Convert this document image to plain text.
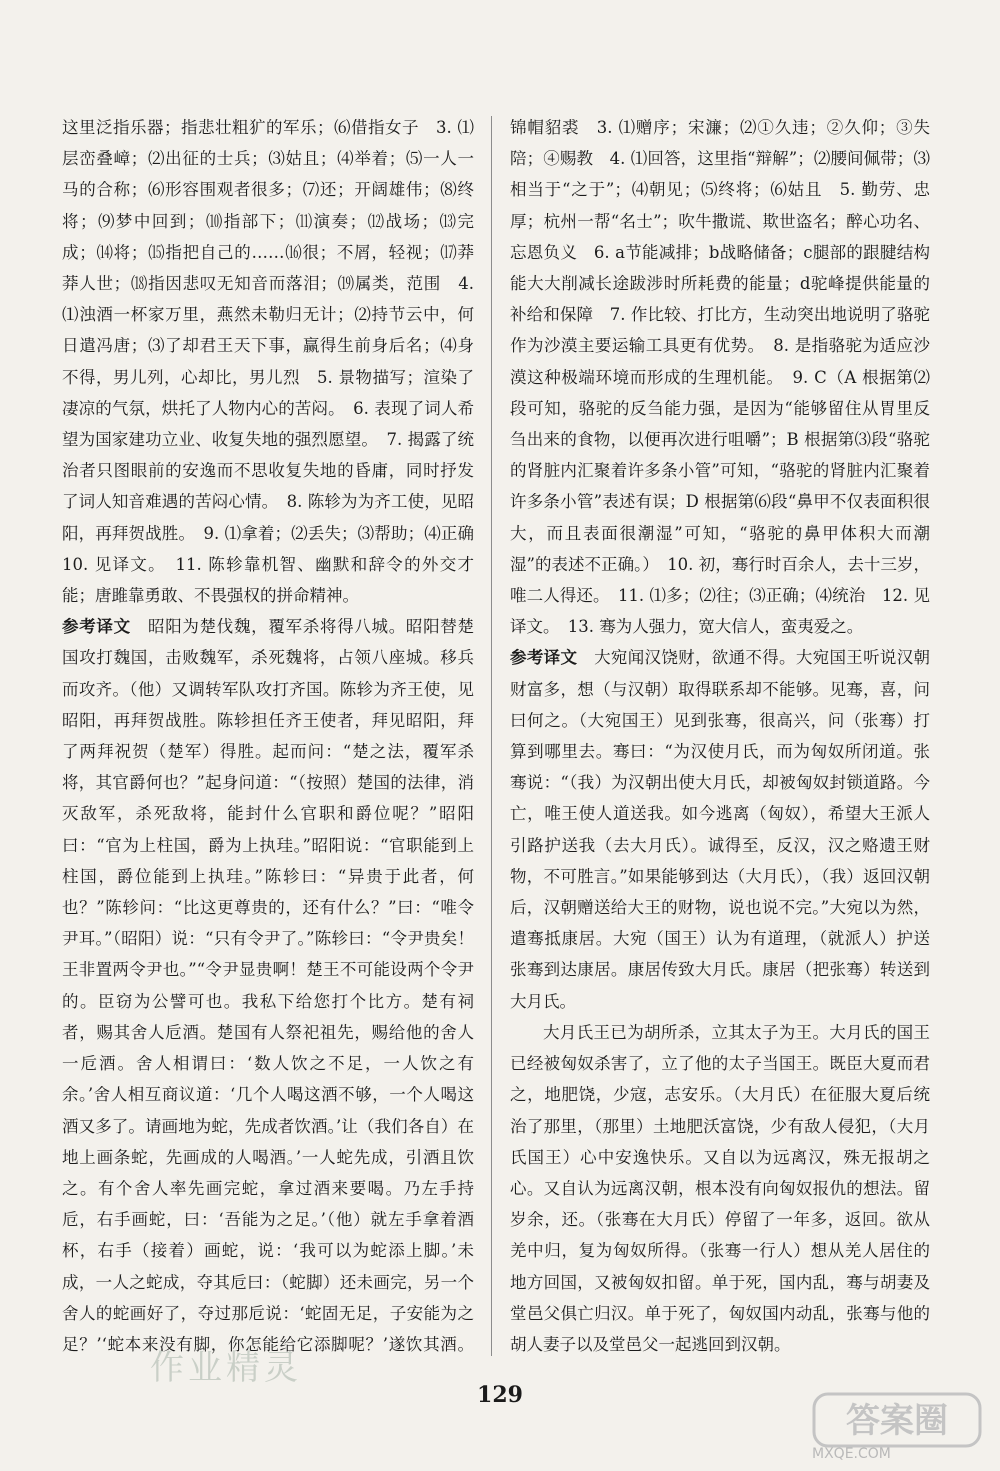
这里泛指乐器；指悲壮粗犷的军乐；⑹借指女子　3. ⑴层峦叠嶂；⑵出征的士兵；⑶姑且；⑷举着；⑸一人一马的合称；⑹形容围观者很多；⑺还；开阔雄伟；⑻终将；⑼梦中回到；⑽指部下；⑾演奏；⑿战场；⒀完成；⒁将；⒂指把自己的……⒃很；不屑，轻视；⒄莽莽人世；⒅指因悲叹无知音而落泪；⒆属类，范围　4. ⑴浊酒一杯家万里，燕然未勒归无计；⑵持节云中，何日遣冯唐；⑶了却君王天下事，赢得生前身后名；⑷身不得，男儿列，心却比，男儿烈　5. 景物描写；渲染了凄凉的气氛，烘托了人物内心的苦闷。　6. 表现了词人希望为国家建功立业、收复失地的强烈愿望。　7. 揭露了统治者只图眼前的安逸而不思收复失地的昏庸，同时抒发了词人知音难遇的苦闷心情。　8. 陈轸为为齐工使，见昭阳，再拜贺战胜。　9. ⑴拿着；⑵丢失；⑶帮助；⑷正确　10. 见译文。　11. 陈轸靠机智、幽默和辞令的外交才能；唐雎靠勇敢、不畏强权的拼命精神。

参考译文　 昭阳为楚伐魏，覆军杀将得八城。昭阳替楚国攻打魏国，击败魏军，杀死魏将，占领八座城。移兵而攻齐。（他）又调转军队攻打齐国。陈轸为齐王使，见昭阳，再拜贺战胜。陈轸担任齐王使者，拜见昭阳，拜了两拜祝贺（楚军）得胜。起而问：“楚之法，覆军杀将，其官爵何也？”起身问道：“（按照）楚国的法律，消灭敌军，杀死敌将，能封什么官职和爵位呢？”昭阳曰：“官为上柱国，爵为上执珪。”昭阳说：“官职能到上柱国，爵位能到上执珪。”陈轸曰：“异贵于此者，何也？”陈轸问：“比这更尊贵的，还有什么？”曰：“唯令尹耳。”（昭阳）说：“只有令尹了。”陈轸曰：“令尹贵矣！王非置两令尹也。”“令尹显贵啊！楚王不可能设两个令尹的。臣窃为公譬可也。我私下给您打个比方。楚有祠者，赐其舍人卮酒。楚国有人祭祀祖先，赐给他的舍人一卮酒。舍人相谓曰：‘数人饮之不足，一人饮之有余。’舍人相互商议道：‘几个人喝这酒不够，一个人喝这酒又多了。请画地为蛇，先成者饮酒。’让（我们各自）在地上画条蛇，先画成的人喝酒。’一人蛇先成，引酒且饮之。有个舍人率先画完蛇，拿过酒来要喝。乃左手持卮，右手画蛇，曰：‘吾能为之足。’（他）就左手拿着酒杯，右手（接着）画蛇，说：‘我可以为蛇添上脚。’未成，一人之蛇成，夺其卮曰：（蛇脚）还未画完，另一个舍人的蛇画好了，夺过那卮说：‘蛇固无足，子安能为之足？’‘蛇本来没有脚，你怎能给它添脚呢？’遂饮其酒。

锦帽貂裘　3. ⑴赠序；宋濂；⑵①久违；②久仰；③失陪；④赐教　4. ⑴回答，这里指“辩解”；⑵腰间佩带；⑶相当于“之于”；⑷朝见；⑸终将；⑹姑且　5. 勤劳、忠厚；杭州一帮“名士”；吹牛撒谎、欺世盗名；醉心功名、忘恩负义　6. a节能减排；b战略储备；c腿部的跟腱结构能大大削减长途跋涉时所耗费的能量；d驼峰提供能量的补给和保障　7. 作比较、打比方，生动突出地说明了骆驼作为沙漠主要运输工具更有优势。　8. 是指骆驼为适应沙漠这种极端环境而形成的生理机能。　9. C（A 根据第⑵段可知，骆驼的反刍能力强，是因为“能够留住从胃里反刍出来的食物，以便再次进行咀嚼”；B 根据第⑶段“骆驼的肾脏内汇聚着许多条小管”可知，“骆驼的肾脏内汇聚着许多条小管”表述有误；D 根据第⑹段“鼻甲不仅表面积很大，而且表面很潮湿”可知，“骆驼的鼻甲体积大而潮湿”的表述不正确。）　10. 初，骞行时百余人，去十三岁，唯二人得还。　11. ⑴多；⑵往；⑶正确；⑷统治　12. 见译文。　13. 骞为人强力，宽大信人，蛮夷爱之。

参考译文　 大宛闻汉饶财，欲通不得。大宛国王听说汉朝财富多，想（与汉朝）取得联系却不能够。见骞，喜，问曰何之。（大宛国王）见到张骞，很高兴，问（张骞）打算到哪里去。骞曰：“为汉使月氏，而为匈奴所闭道。张骞说：“（我）为汉朝出使大月氏，却被匈奴封锁道路。今亡，唯王使人道送我。如今逃离（匈奴），希望大王派人引路护送我（去大月氏）。诚得至，反汉，汉之赂遗王财物，不可胜言。”如果能够到达（大月氏），（我）返回汉朝后，汉朝赠送给大王的财物，说也说不完。”大宛以为然，遣骞抵康居。大宛（国王）认为有道理，（就派人）护送张骞到达康居。康居传致大月氏。康居（把张骞）转送到大月氏。

大月氏王已为胡所杀，立其太子为王。大月氏的国王已经被匈奴杀害了，立了他的太子当国王。既臣大夏而君之，地肥饶，少寇，志安乐。（大月氏）在征服大夏后统治了那里，（那里）土地肥沃富饶，少有敌人侵犯，（大月氏国王）心中安逸快乐。又自以为远离汉，殊无报胡之心。又自认为远离汉朝，根本没有向匈奴报仇的想法。留岁余，还。（张骞在大月氏）停留了一年多，返回。欲从羌中归，复为匈奴所得。（张骞一行人）想从羌人居住的地方回国，又被匈奴扣留。单于死，国内乱，骞与胡妻及堂邑父俱亡归汉。单于死了，匈奴国内动乱，张骞与他的胡人妻子以及堂邑父一起逃回到汉朝。

129
作业精灵
答案圈
MXQE.COM
